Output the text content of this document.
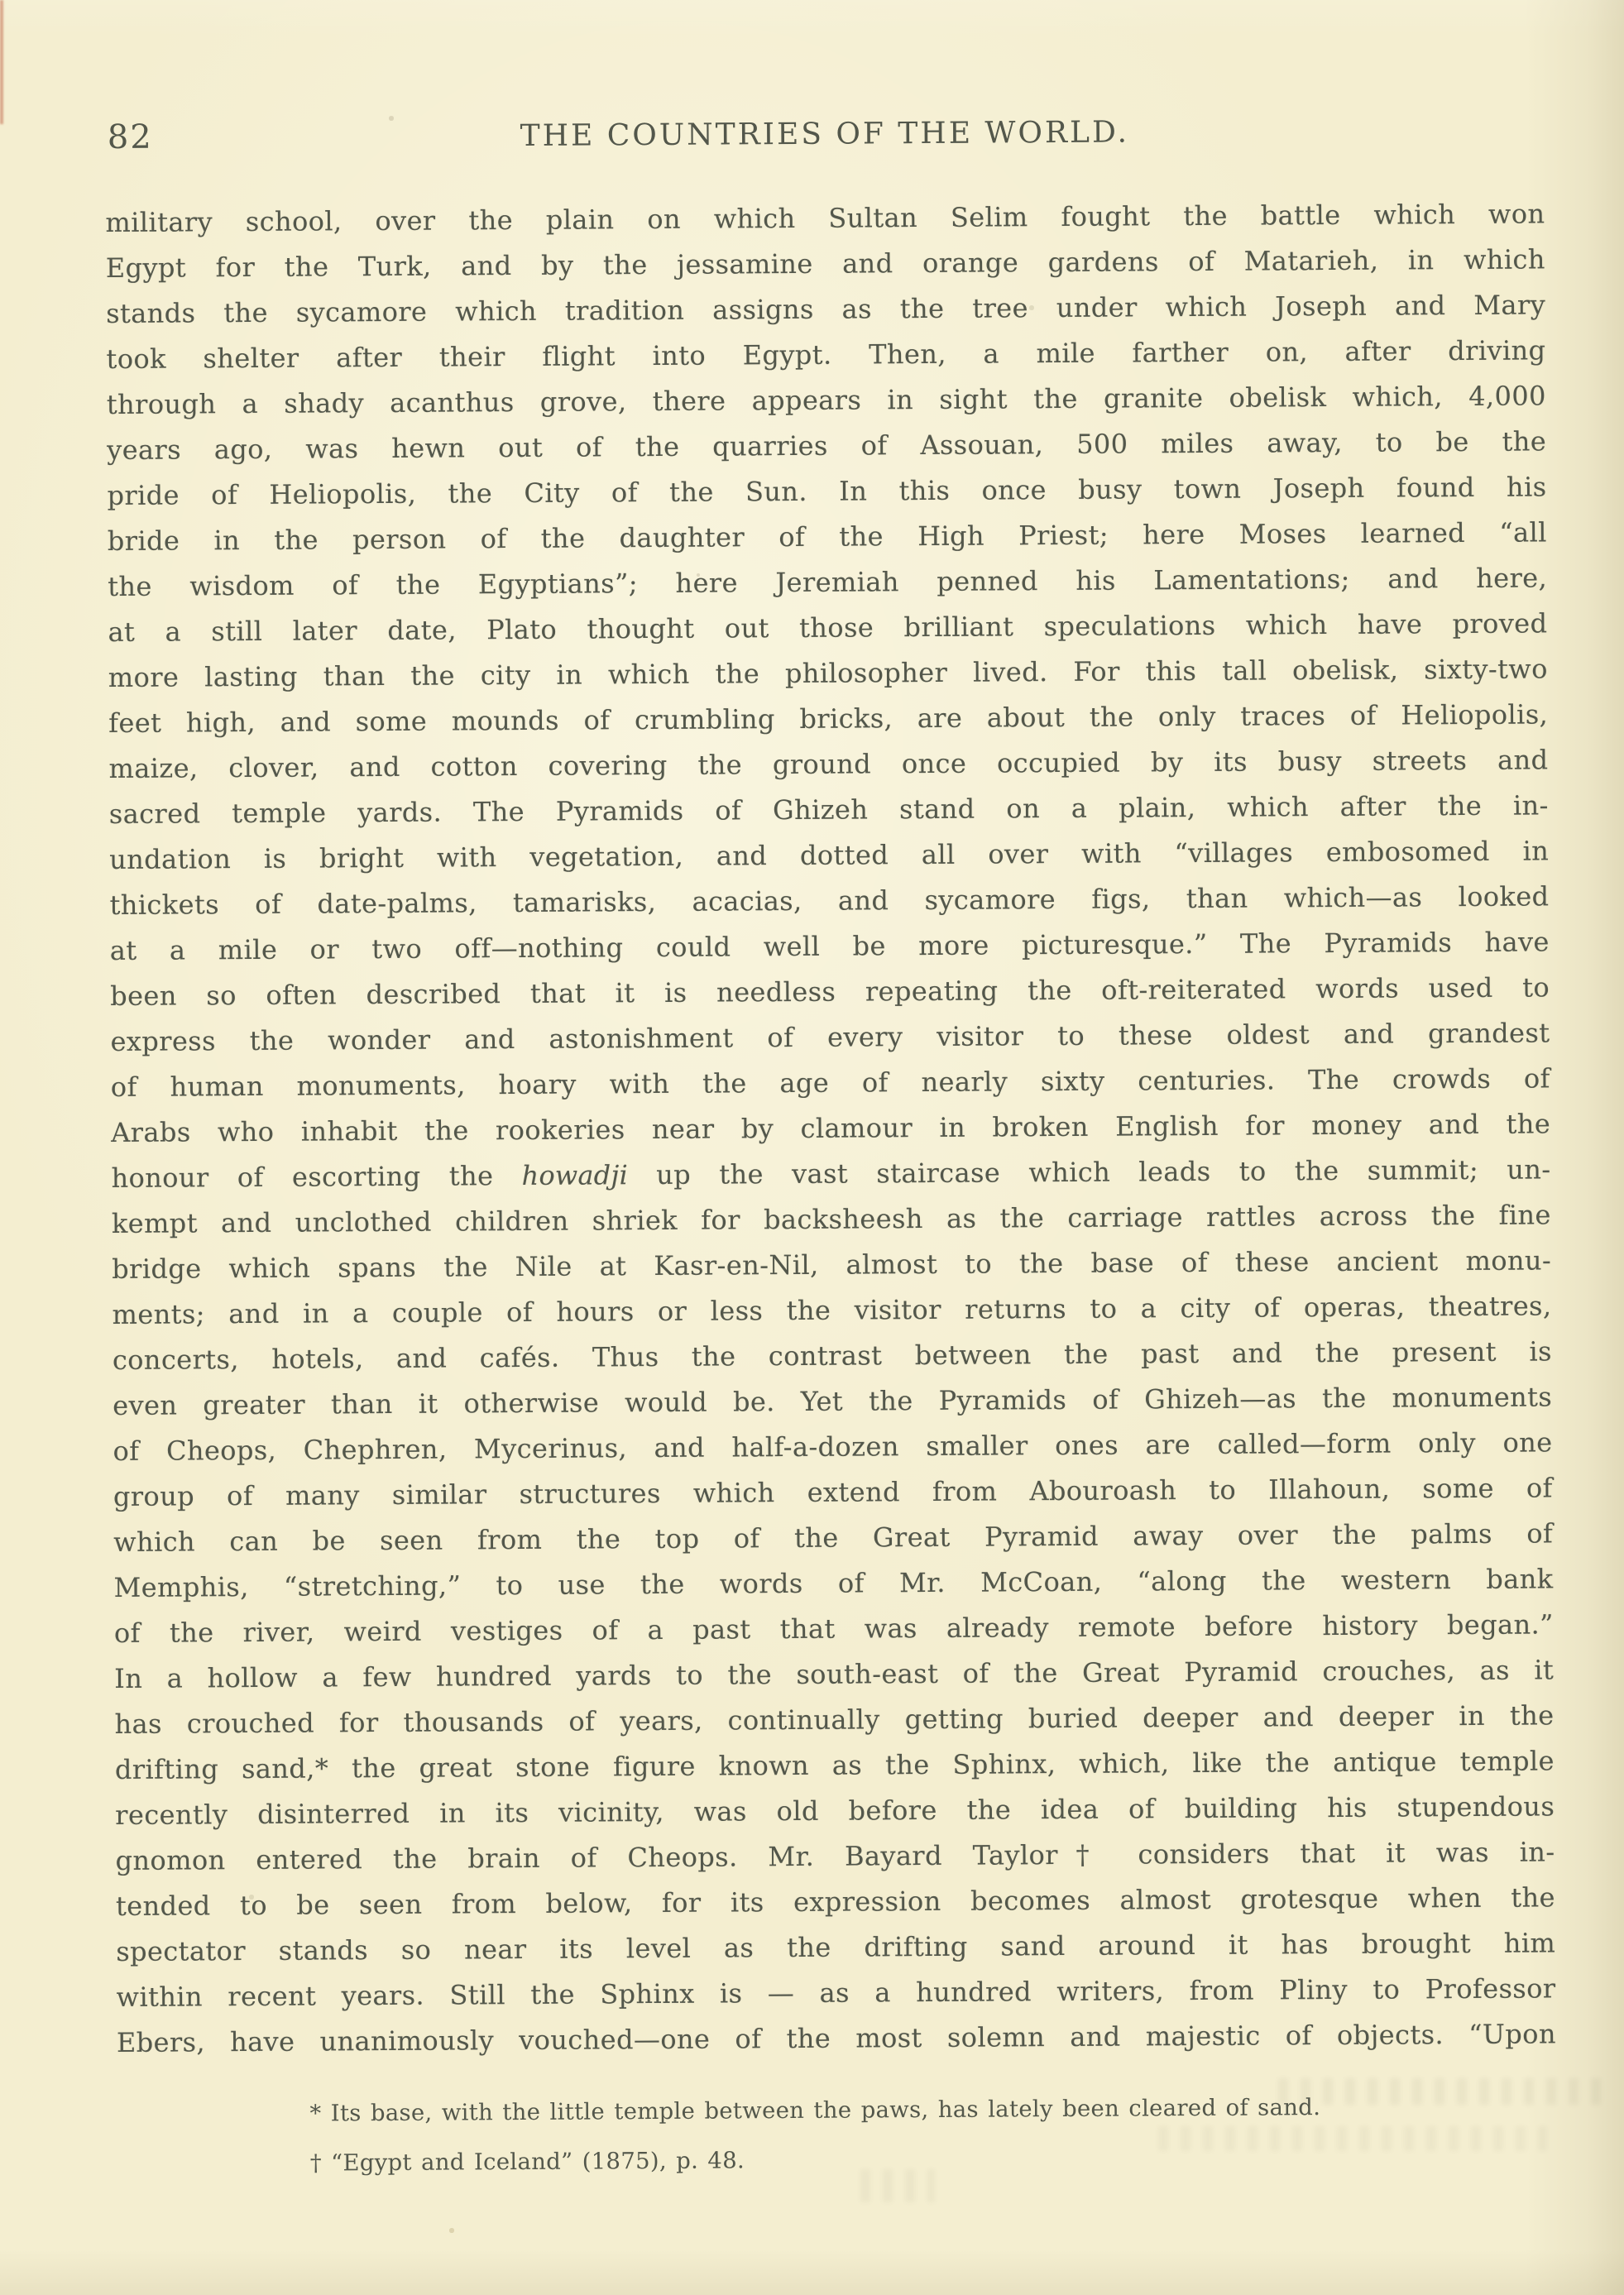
82	THE COUNTRIES OF THE WORLD.
military school, over the plain on which Sultan Selim fought the battle which won
Egypt for the Turk, and by the jessamine and orange gardens of Matarieh, in which
stands the sycamore which tradition assigns as the tree under which Joseph and Mary
took shelter after their flight into Egypt. Then, a mile farther on, after driving
through a shady acanthus grove, there appears in sight the granite obelisk which, 4,000
years ago, was hewn out of the quarries of Assouan, 500 miles away, to be the
pride of Heliopolis, the City of the Sun. In this once busy town Joseph found his
bride in the person of the daughter of the High Priest; here Moses learned “all
the wisdom of the Egyptians”; here Jeremiah penned his Lamentations; and here,
at a still later date, Plato thought out those brilliant speculations which have proved
more lasting than the city in which the philosopher lived. For this tall obelisk, sixty-two
feet high, and some mounds of crumbling bricks, are about the only traces of Heliopolis,
maize, clover, and cotton covering the ground once occupied by its busy streets and
sacred temple yards. The Pyramids of Ghizeh stand on a plain, which after the in-
undation is bright with vegetation, and dotted all over with “villages embosomed in
thickets of date-palms, tamarisks, acacias, and sycamore figs, than which—as looked
at a mile or two off—nothing could well be more picturesque.” The Pyramids have
been so often described that it is needless repeating the oft-reiterated words used to
express the wonder and astonishment of every visitor to these oldest and grandest
of human monuments, hoary with the age of nearly sixty centuries. The crowds of
Arabs who inhabit the rookeries near by clamour in broken English for money and the
honour of escorting the howadji up the vast staircase which leads to the summit; un-
kempt and unclothed children shriek for backsheesh as the carriage rattles across the fine
bridge which spans the Nile at Kasr-en-Nil, almost to the base of these ancient monu-
ments; and in a couple of hours or less the visitor returns to a city of operas, theatres,
concerts, hotels, and cafés. Thus the contrast between the past and the present is
even greater than it otherwise would be. Yet the Pyramids of Ghizeh—as the monuments
of Cheops, Chephren, Mycerinus, and half-a-dozen smaller ones are called—form only one
group of many similar structures which extend from Abouroash to Illahoun, some of
which can be seen from the top of the Great Pyramid away over the palms of
Memphis, “stretching,” to use the words of Mr. McCoan, “along the western bank
of the river, weird vestiges of a past that was already remote before history began.”
In a hollow a few hundred yards to the south-east of the Great Pyramid crouches, as it
has crouched for thousands of years, continually getting buried deeper and deeper in the
drifting sand,* the great stone figure known as the Sphinx, which, like the antique temple
recently disinterred in its vicinity, was old before the idea of building his stupendous
gnomon entered the brain of Cheops. Mr. Bayard Taylor† considers that it was in-
tended to be seen from below, for its expression becomes almost grotesque when the
spectator stands so near its level as the drifting sand around it has brought him
within recent years. Still the Sphinx is — as a hundred writers, from Pliny to Professor
Ebers, have unanimously vouched—one of the most solemn and majestic of objects. “Upon
* Its base, with the little temple between the paws, has lately been cleared of sand.
† “Egypt and Iceland” (1875), p. 48.
